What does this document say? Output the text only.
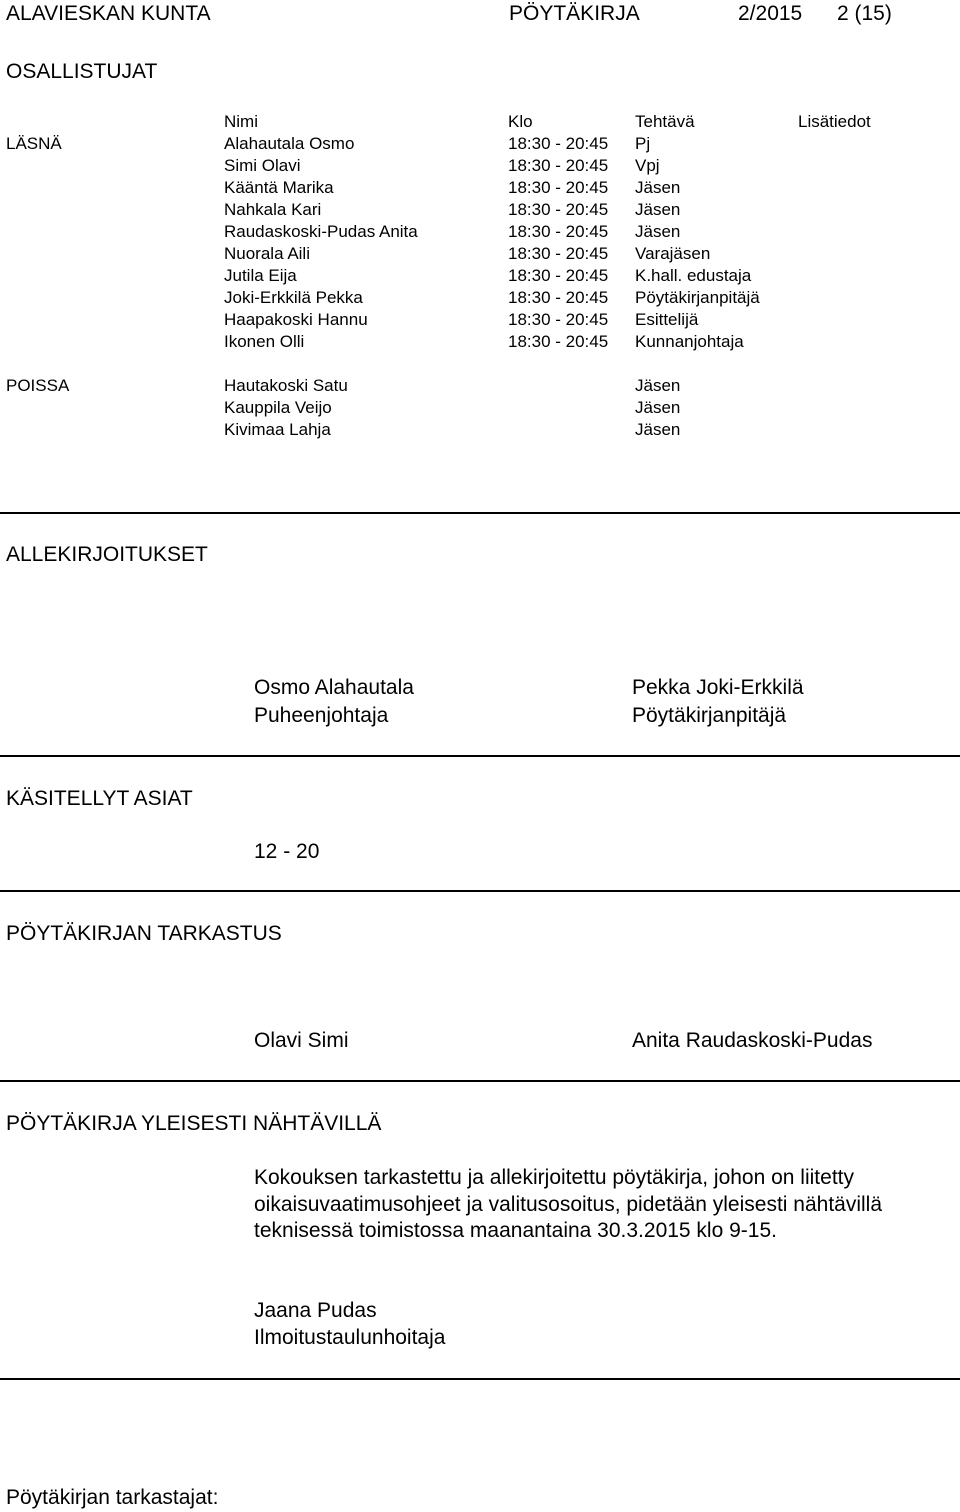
ALAVIESKAN KUNTA	PÖYTÄKIRJA	2/2015 2 (15)
OSALLISTUJAT
Nimi	Klo	Tehtävä	Lisätiedot
LÄSNÄ	Alahautala Osmo	18:30 - 20:45 Pj
Simi Olavi	18:30 - 20:45 Vpj
Kääntä Marika	18:30 - 20:45 Jäsen
Nahkala Kari	18:30 - 20:45 Jäsen
Raudaskoski-Pudas Anita	18:30 - 20:45 Jäsen
Nuorala Aili	18:30 - 20:45 Varajäsen
Jutila Eija	18:30 - 20:45 K.hall. edustaja
Joki-Erkkilä Pekka	18:30 - 20:45 Pöytäkirjanpitäjä
Haapakoski Hannu	18:30 - 20:45 Esittelijä
Ikonen Olli	18:30 - 20:45 Kunnanjohtaja
POISSA	Hautakoski Satu	Jäsen
Kauppila Veijo	Jäsen
Kivimaa Lahja	Jäsen
ALLEKIRJOITUKSET
Osmo Alahautala
Puheenjohtaja
Pekka Joki-Erkkilä
Pöytäkirjanpitäjä
KÄSITELLYT ASIAT
12 - 20
PÖYTÄKIRJAN TARKASTUS
Olavi Simi	Anita Raudaskoski-Pudas
PÖYTÄKIRJA YLEISESTI NÄHTÄVILLÄ
Kokouksen tarkastettu ja allekirjoitettu pöytäkirja, johon on liitetty
oikaisuvaatimusohjeet ja valitusosoitus, pidetään yleisesti nähtävillä
teknisessä toimistossa maanantaina 30.3.2015 klo 9-15.
Jaana Pudas
Ilmoitustaulunhoitaja
Pöytäkirjan tarkastajat:
